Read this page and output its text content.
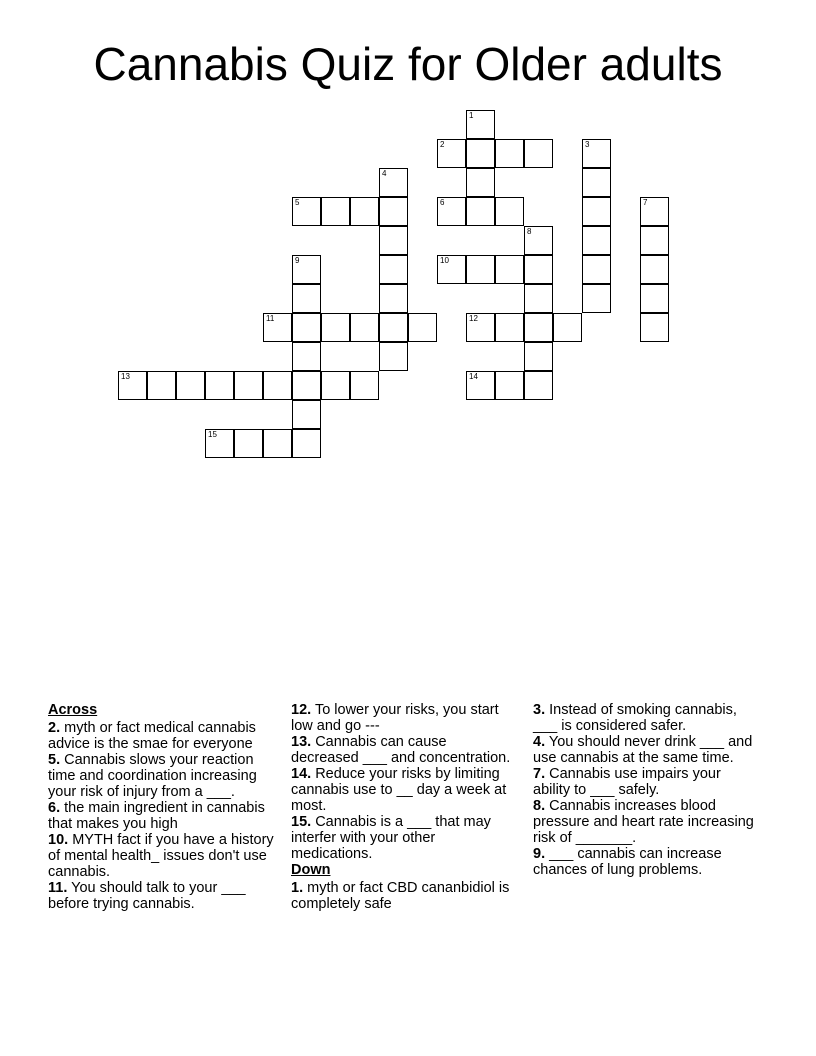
Cannabis Quiz for Older adults
1
2	3
4
5	6	7
8
9	10
11	12
13	14
15
Across
2. myth or fact medical cannabis advice is the smae for everyone
5. Cannabis slows your reaction time and coordination increasing your risk of injury from a ___.
6. the main ingredient in cannabis that makes you high
10. MYTH fact if you have a history of mental health_ issues don't use cannabis.
11. You should talk to your ___ before trying cannabis.
12. To lower your risks, you start low and go ---
13. Cannabis can cause decreased ___ and concentration.
14. Reduce your risks by limiting cannabis use to __ day a week at most.
15. Cannabis is a ___ that may interfer with your other medications.
Down
1. myth or fact CBD cananbidiol is completely safe
3. Instead of smoking cannabis, ___ is considered safer.
4. You should never drink ___ and use cannabis at the same time.
7. Cannabis use impairs your ability to ___ safely.
8. Cannabis increases blood pressure and heart rate increasing risk of _______.
9. ___ cannabis can increase chances of lung problems.
